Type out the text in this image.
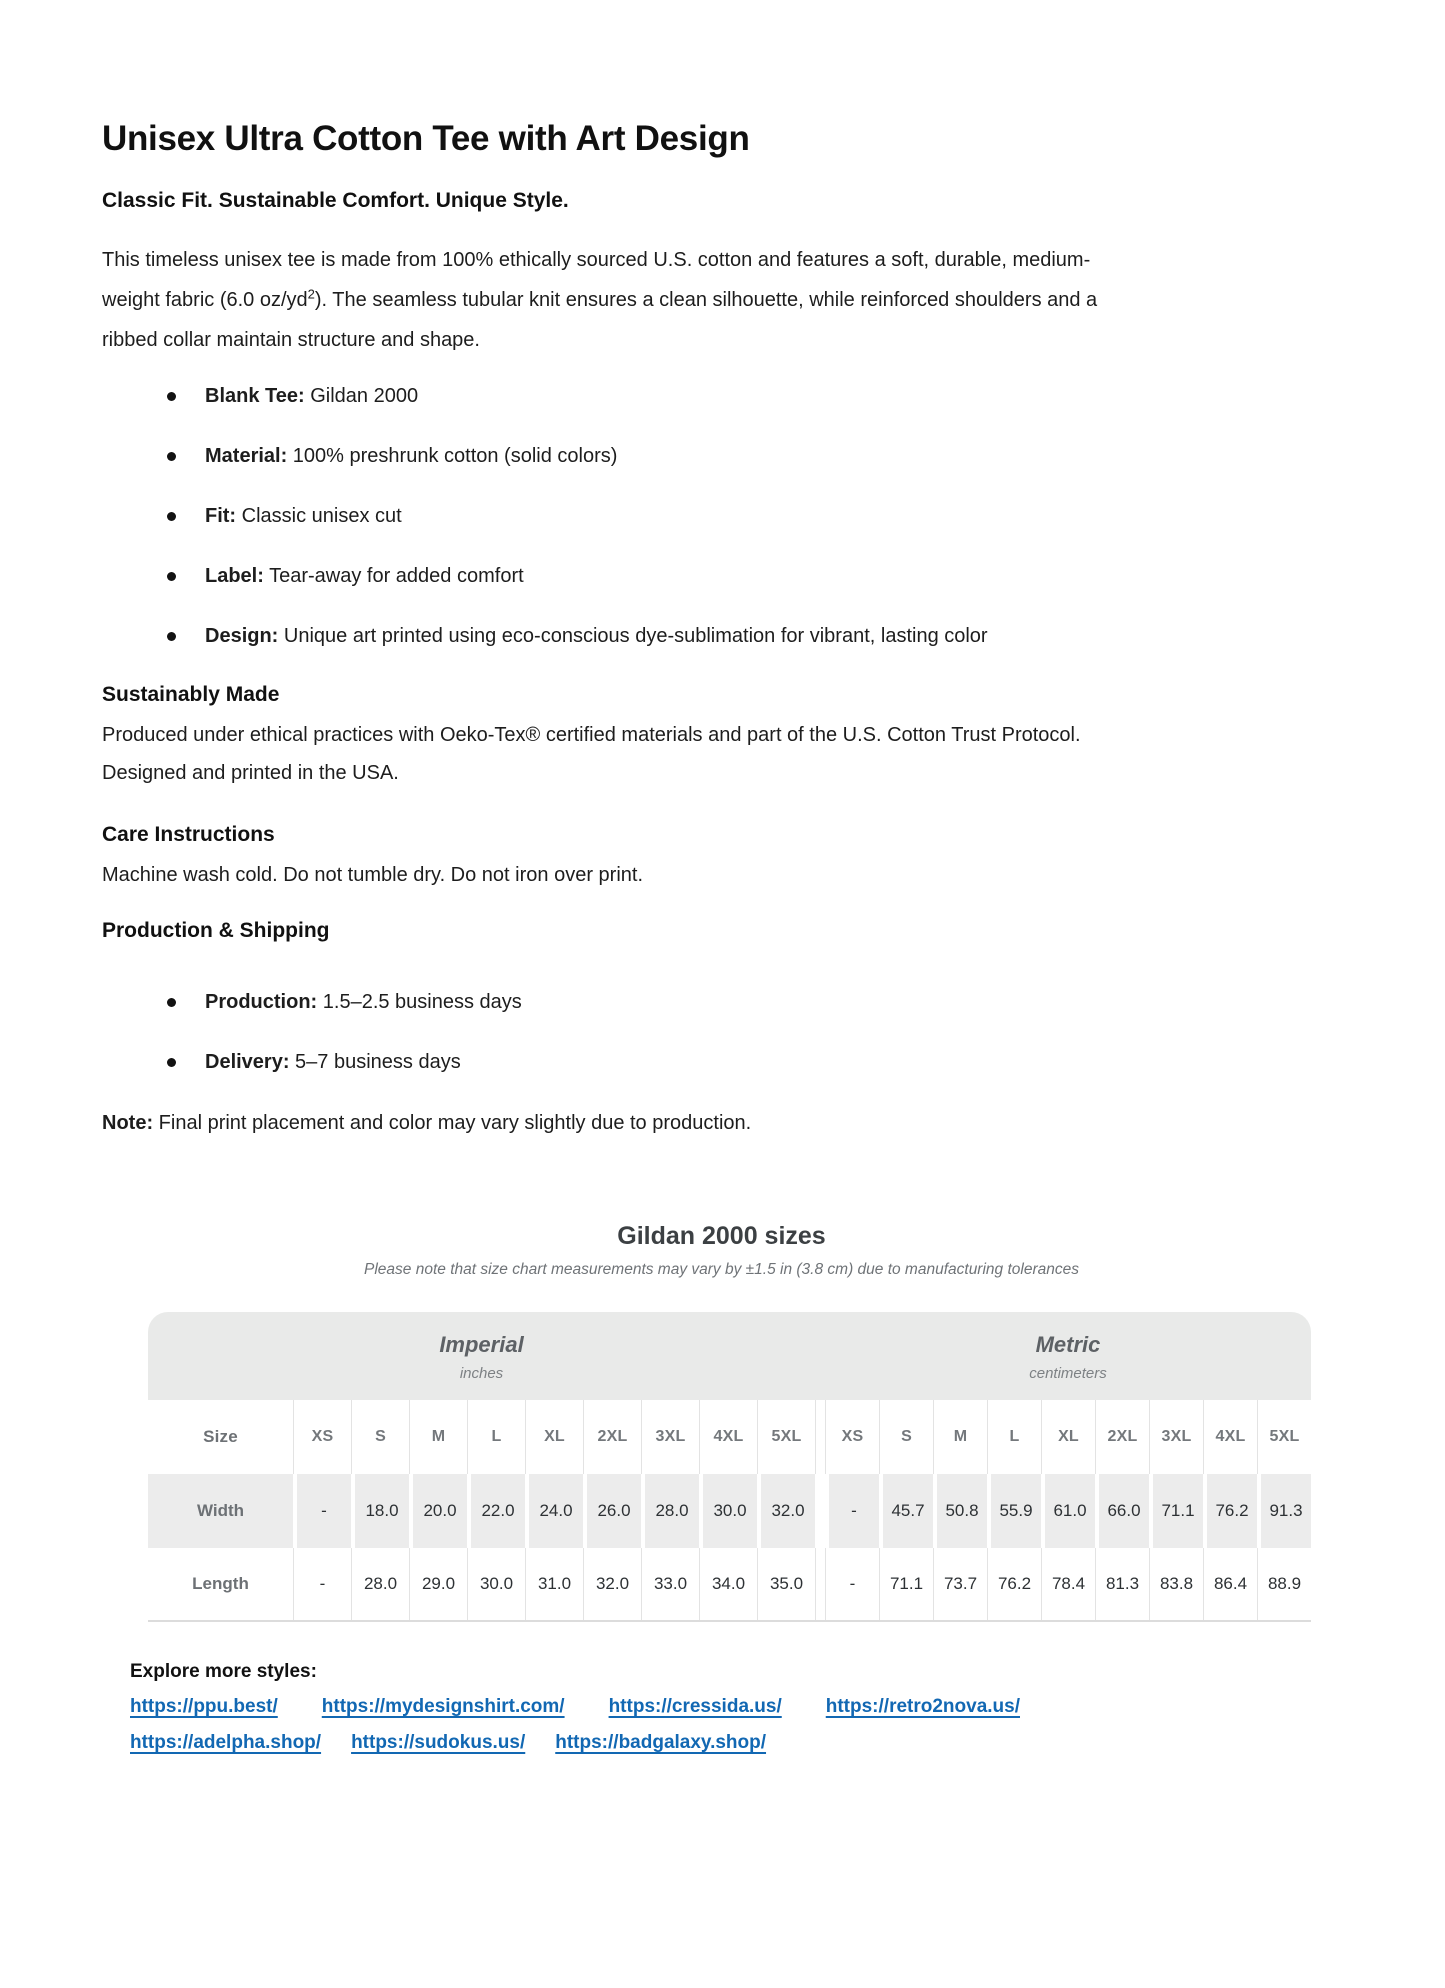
Unisex Ultra Cotton Tee with Art Design
Classic Fit. Sustainable Comfort. Unique Style.

This timeless unisex tee is made from 100% ethically sourced U.S. cotton and features a soft, durable, medium-weight fabric (6.0 $oz/yd^2$). The seamless tubular knit ensures a clean silhouette, while reinforced shoulders and a ribbed collar maintain structure and shape.

Blank Tee: Gildan 2000
Material: 100% preshrunk cotton (solid colors)
Fit: Classic unisex cut
Label: Tear-away for added comfort
Design: Unique art printed using eco-conscious dye-sublimation for vibrant, lasting color
Sustainably Made

Produced under ethical practices with Oeko-Tex® certified materials and part of the U.S. Cotton Trust Protocol. Designed and printed in the USA.

Care Instructions

Machine wash cold. Do not tumble dry. Do not iron over print.

Production & Shipping
Production: 1.5–2.5 business days
Delivery: 5–7 business days

Note: Final print placement and color may vary slightly due to production.

Gildan 2000 sizes
Please note that size chart measurements may vary by ±1.5 in (3.8 cm) due to manufacturing tolerances
Imperial
inches
Metric
centimeters
Size	XS	S	M	L	XL	2XL	3XL	4XL	5XL	XS	S	M	L	XL	2XL	3XL	4XL	5XL
Width	-	18.0	20.0	22.0	24.0	26.0	28.0	30.0	32.0	-	45.7	50.8	55.9	61.0	66.0	71.1	76.2	91.3
Length	-	28.0	29.0	30.0	31.0	32.0	33.0	34.0	35.0	-	71.1	73.7	76.2	78.4	81.3	83.8	86.4	88.9
Explore more styles:
https://ppu.best/ https://mydesignshirt.com/ https://cressida.us/ https://retro2nova.us/
https://adelpha.shop/ https://sudokus.us/ https://badgalaxy.shop/
